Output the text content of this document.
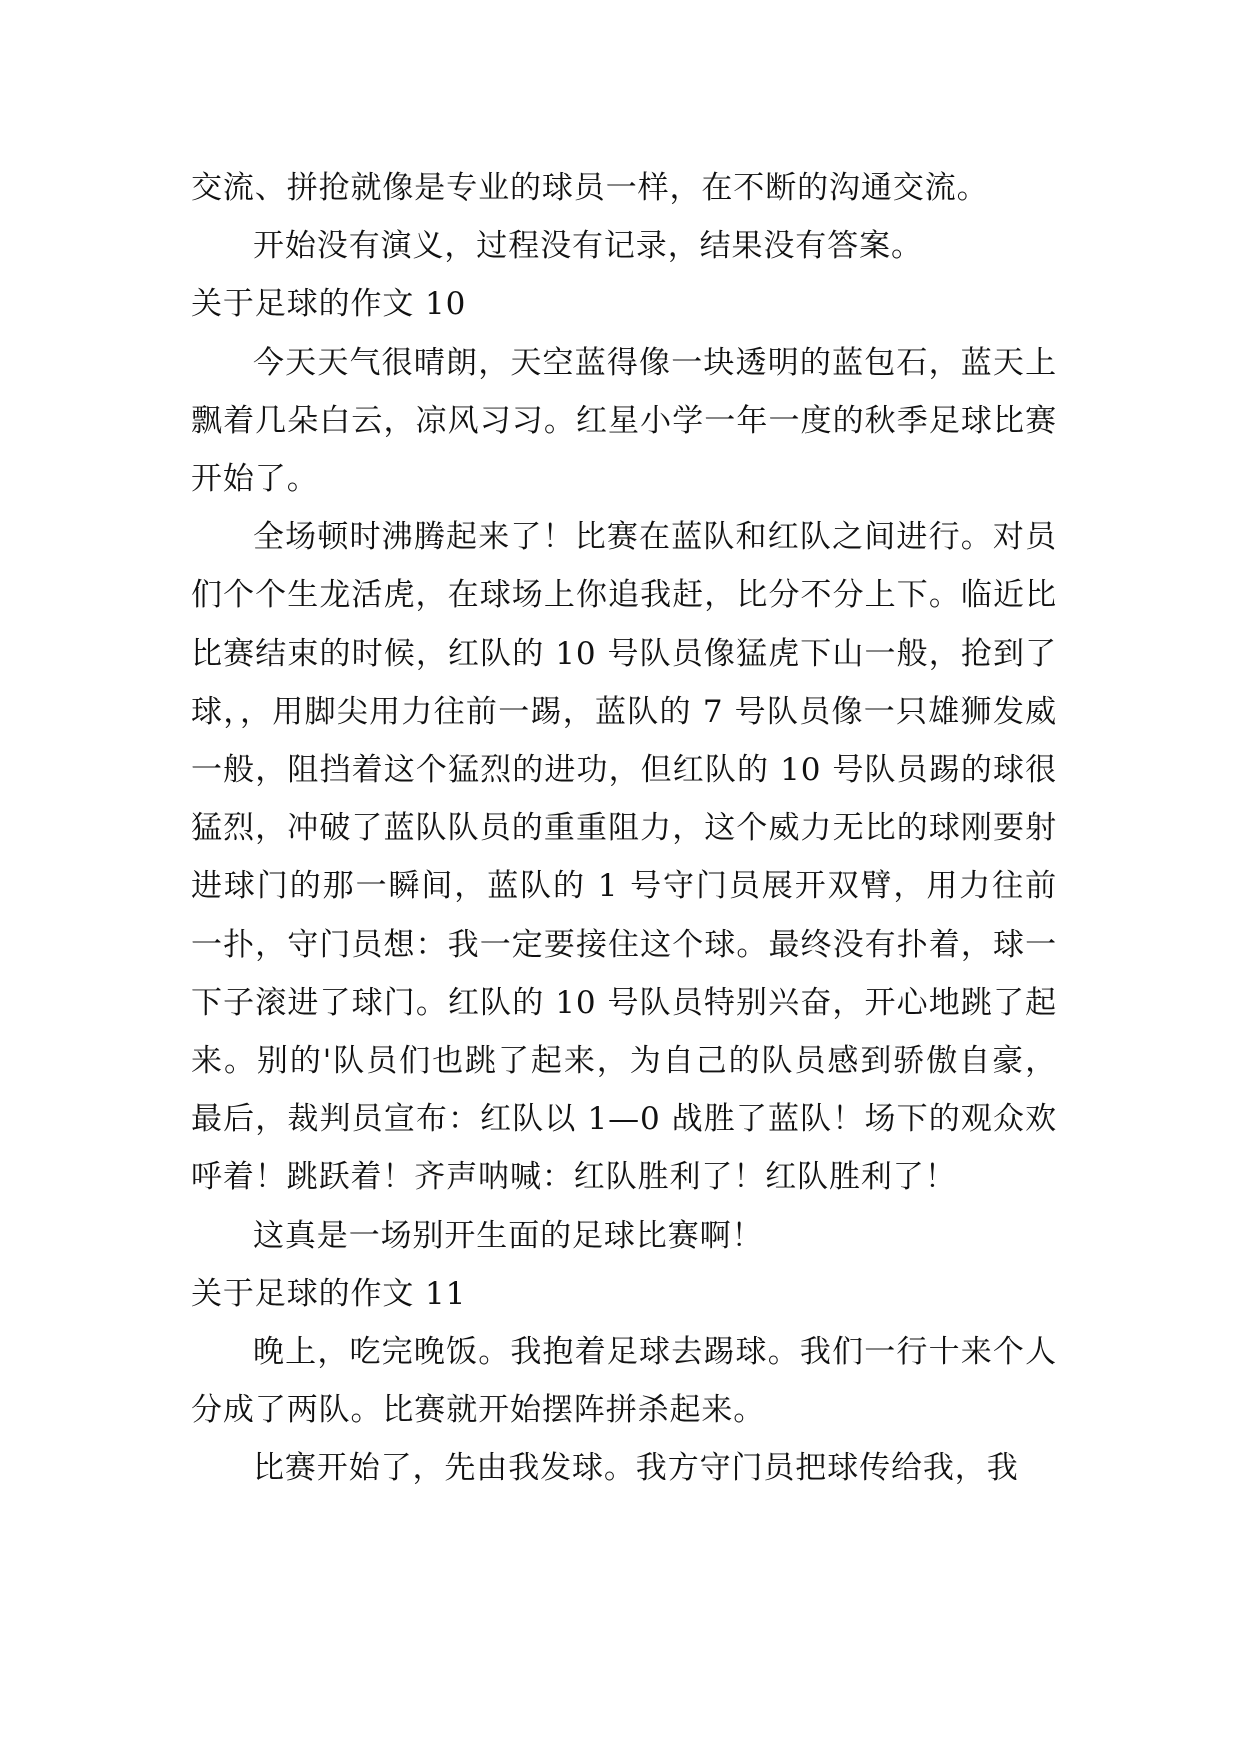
交流、拼抢就像是专业的球员一样，在不断的沟通交流。

开始没有演义，过程没有记录，结果没有答案。

关于足球的作文 10

今天天气很晴朗，天空蓝得像一块透明的蓝包石，蓝天上飘着几朵白云，凉风习习。红星小学一年一度的秋季足球比赛开始了。

全场顿时沸腾起来了！比赛在蓝队和红队之间进行。对员们个个生龙活虎，在球场上你追我赶，比分不分上下。临近比比赛结束的时候，红队的 10 号队员像猛虎下山一般，抢到了球，，用脚尖用力往前一踢，蓝队的 7 号队员像一只雄狮发威一般，阻挡着这个猛烈的进功，但红队的 10 号队员踢的球很猛烈，冲破了蓝队队员的重重阻力，这个威力无比的球刚要射进球门的那一瞬间，蓝队的 1 号守门员展开双臂，用力往前一扑，守门员想：我一定要接住这个球。最终没有扑着，球一下子滚进了球门。红队的 10 号队员特别兴奋，开心地跳了起来。别的'队员们也跳了起来，为自己的队员感到骄傲自豪，最后，裁判员宣布：红队以 1—0 战胜了蓝队！场下的观众欢呼着！跳跃着！齐声呐喊：红队胜利了！红队胜利了！

这真是一场别开生面的足球比赛啊！

关于足球的作文 11

晚上，吃完晚饭。我抱着足球去踢球。我们一行十来个人分成了两队。比赛就开始摆阵拼杀起来。

比赛开始了，先由我发球。我方守门员把球传给我，我
